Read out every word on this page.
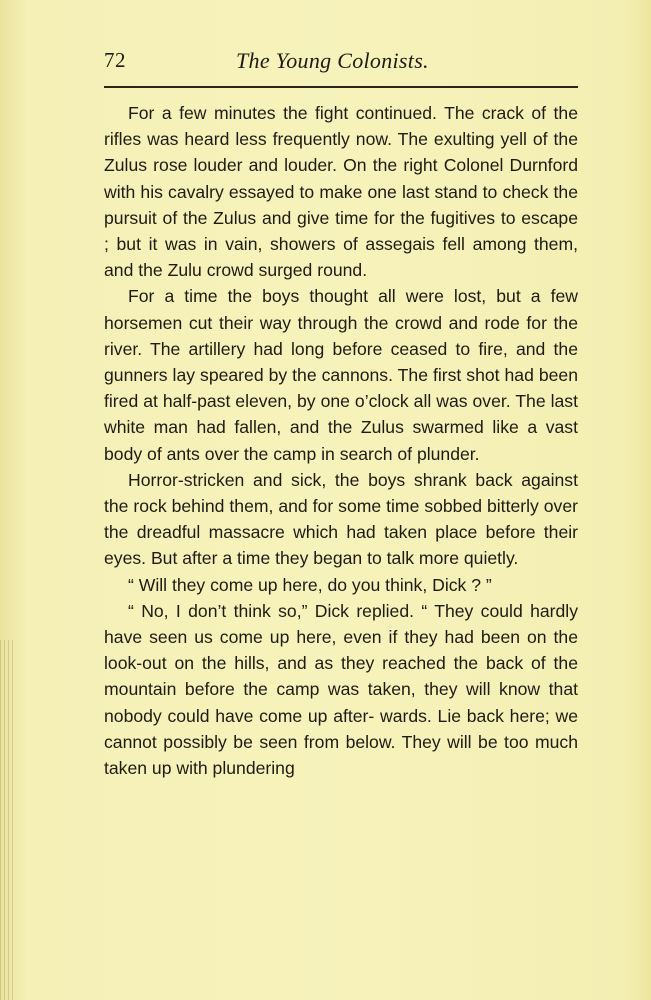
72	The Young Colonists.

For a few minutes the fight continued. The crack of the rifles was heard less frequently now. The exulting yell of the Zulus rose louder and louder. On the right Colonel Durnford with his cavalry essayed to make one last stand to check the pursuit of the Zulus and give time for the fugitives to escape ; but it was in vain, showers of assegais fell among them, and the Zulu crowd surged round.

For a time the boys thought all were lost, but a few horsemen cut their way through the crowd and rode for the river. The artillery had long before ceased to fire, and the gunners lay speared by the cannons. The first shot had been fired at half-past eleven, by one o’clock all was over. The last white man had fallen, and the Zulus swarmed like a vast body of ants over the camp in search of plunder.

Horror-stricken and sick, the boys shrank back against the rock behind them, and for some time sobbed bitterly over the dreadful massacre which had taken place before their eyes. But after a time they began to talk more quietly.

“ Will they come up here, do you think, Dick ? ”

“ No, I don’t think so,” Dick replied. “ They could hardly have seen us come up here, even if they had been on the look-out on the hills, and as they reached the back of the mountain before the camp was taken, they will know that nobody could have come up after- wards. Lie back here; we cannot possibly be seen from below. They will be too much taken up with plundering
